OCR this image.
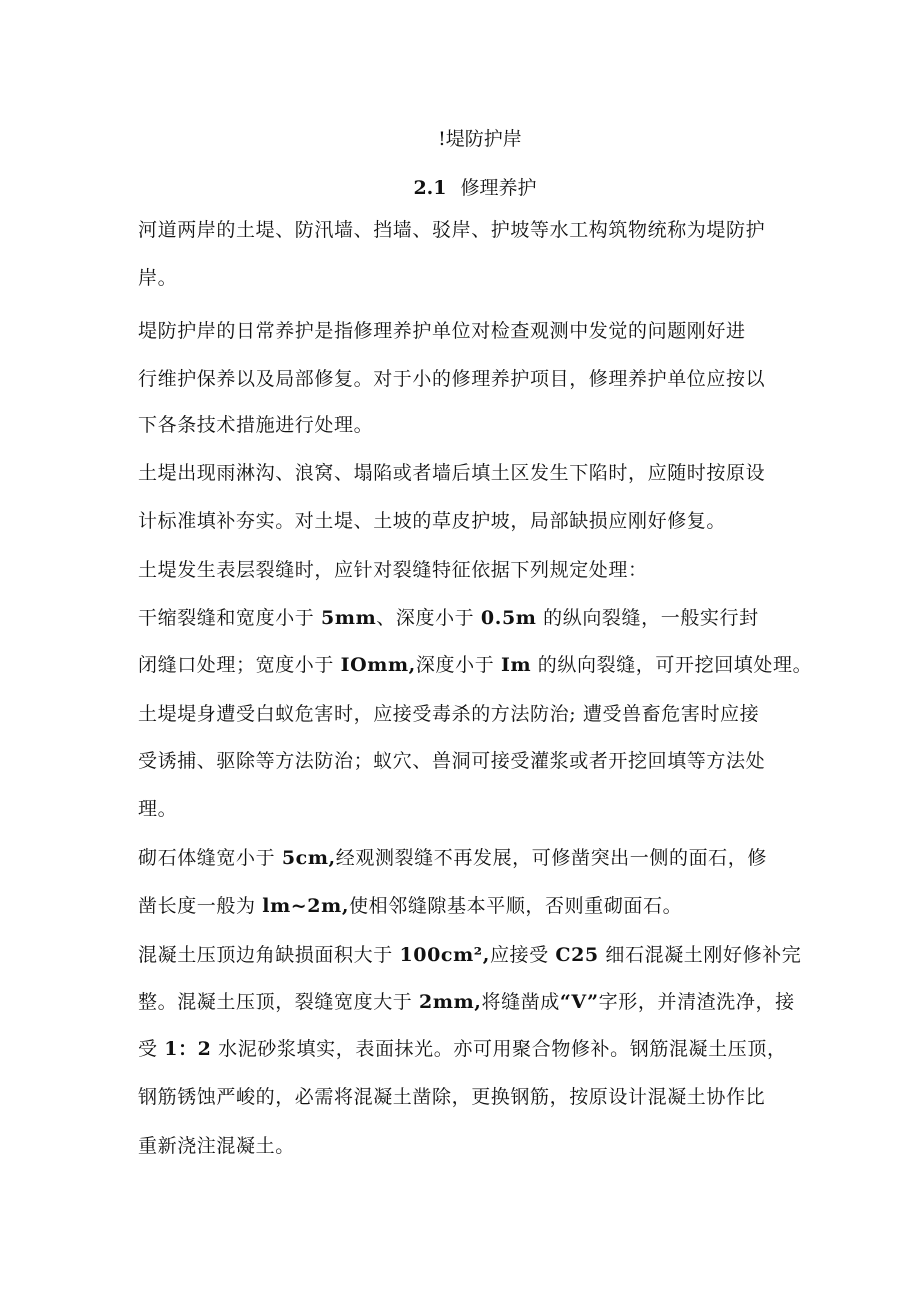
!堤防护岸
2.1 修理养护
河道两岸的土堤、防汛墙、挡墙、驳岸、护坡等水工构筑物统称为堤防护
岸。
堤防护岸的日常养护是指修理养护单位对检查观测中发觉的问题刚好进
行维护保养以及局部修复。对于小的修理养护项目，修理养护单位应按以
下各条技术措施进行处理。
土堤出现雨淋沟、浪窝、塌陷或者墙后填土区发生下陷时，应随时按原设
计标准填补夯实。对土堤、土坡的草皮护坡，局部缺损应刚好修复。
土堤发生表层裂缝时，应针对裂缝特征依据下列规定处理：
干缩裂缝和宽度小于 5mm、深度小于 0.5m 的纵向裂缝，一般实行封
闭缝口处理；宽度小于 IOmm,深度小于 Im 的纵向裂缝，可开挖回填处理。
土堤堤身遭受白蚁危害时，应接受毒杀的方法防治; 遭受兽畜危害时应接
受诱捕、驱除等方法防治；蚁穴、兽洞可接受灌浆或者开挖回填等方法处
理。
砌石体缝宽小于 5cm,经观测裂缝不再发展，可修凿突出一侧的面石，修
凿长度一般为 lm~2m,使相邻缝隙基本平顺，否则重砌面石。
混凝土压顶边角缺损面积大于 100cm²,应接受 C25 细石混凝土刚好修补完
整。混凝土压顶，裂缝宽度大于 2mm,将缝凿成“V”字形，并清渣洗净，接
受 1：2 水泥砂浆填实，表面抹光。亦可用聚合物修补。钢筋混凝土压顶，
钢筋锈蚀严峻的，必需将混凝土凿除，更换钢筋，按原设计混凝土协作比
重新浇注混凝土。
